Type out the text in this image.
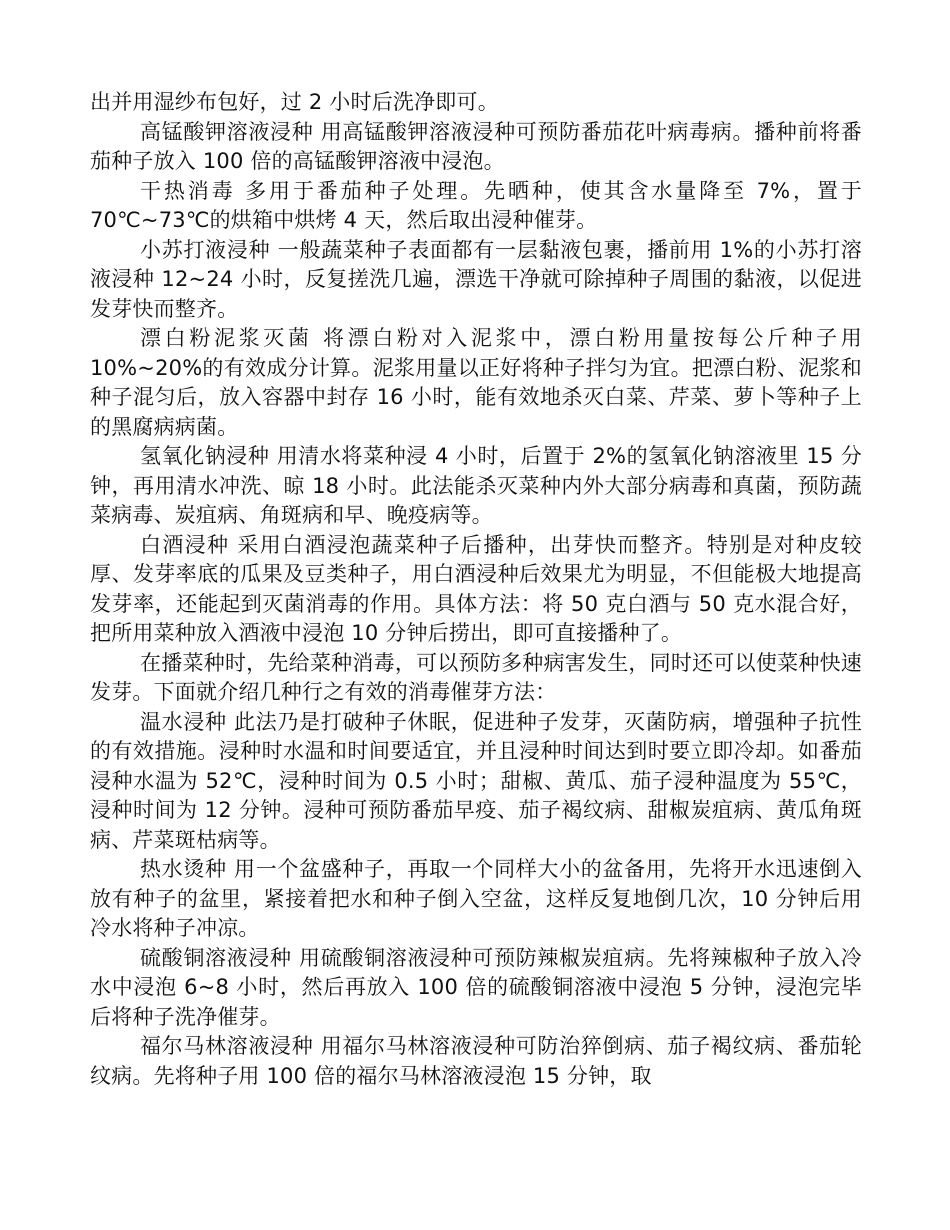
出并用湿纱布包好，过 2 小时后洗净即可。

高锰酸钾溶液浸种 用高锰酸钾溶液浸种可预防番茄花叶病毒病。播种前将番茄种子放入 100 倍的高锰酸钾溶液中浸泡。

干热消毒 多用于番茄种子处理。先晒种，使其含水量降至 7%，置于 70℃~73℃的烘箱中烘烤 4 天，然后取出浸种催芽。

小苏打液浸种 一般蔬菜种子表面都有一层黏液包裹，播前用 1%的小苏打溶液浸种 12~24 小时，反复搓洗几遍，漂选干净就可除掉种子周围的黏液，以促进发芽快而整齐。

漂白粉泥浆灭菌 将漂白粉对入泥浆中，漂白粉用量按每公斤种子用 10%~20%的有效成分计算。泥浆用量以正好将种子拌匀为宜。把漂白粉、泥浆和种子混匀后，放入容器中封存 16 小时，能有效地杀灭白菜、芹菜、萝卜等种子上的黑腐病病菌。

氢氧化钠浸种 用清水将菜种浸 4 小时，后置于 2%的氢氧化钠溶液里 15 分钟，再用清水冲洗、晾 18 小时。此法能杀灭菜种内外大部分病毒和真菌，预防蔬菜病毒、炭疽病、角斑病和早、晚疫病等。

白酒浸种 采用白酒浸泡蔬菜种子后播种，出芽快而整齐。特别是对种皮较厚、发芽率底的瓜果及豆类种子，用白酒浸种后效果尤为明显，不但能极大地提高发芽率，还能起到灭菌消毒的作用。具体方法：将 50 克白酒与 50 克水混合好，把所用菜种放入酒液中浸泡 10 分钟后捞出，即可直接播种了。

在播菜种时，先给菜种消毒，可以预防多种病害发生，同时还可以使菜种快速发芽。下面就介绍几种行之有效的消毒催芽方法：

温水浸种 此法乃是打破种子休眠，促进种子发芽，灭菌防病，增强种子抗性的有效措施。浸种时水温和时间要适宜，并且浸种时间达到时要立即冷却。如番茄浸种水温为 52℃，浸种时间为 0.5 小时；甜椒、黄瓜、茄子浸种温度为 55℃，浸种时间为 12 分钟。浸种可预防番茄早疫、茄子褐纹病、甜椒炭疽病、黄瓜角斑病、芹菜斑枯病等。

热水烫种 用一个盆盛种子，再取一个同样大小的盆备用，先将开水迅速倒入放有种子的盆里，紧接着把水和种子倒入空盆，这样反复地倒几次，10 分钟后用冷水将种子冲凉。

硫酸铜溶液浸种 用硫酸铜溶液浸种可预防辣椒炭疽病。先将辣椒种子放入冷水中浸泡 6~8 小时，然后再放入 100 倍的硫酸铜溶液中浸泡 5 分钟，浸泡完毕后将种子洗净催芽。

福尔马林溶液浸种 用福尔马林溶液浸种可防治猝倒病、茄子褐纹病、番茄轮纹病。先将种子用 100 倍的福尔马林溶液浸泡 15 分钟，取
